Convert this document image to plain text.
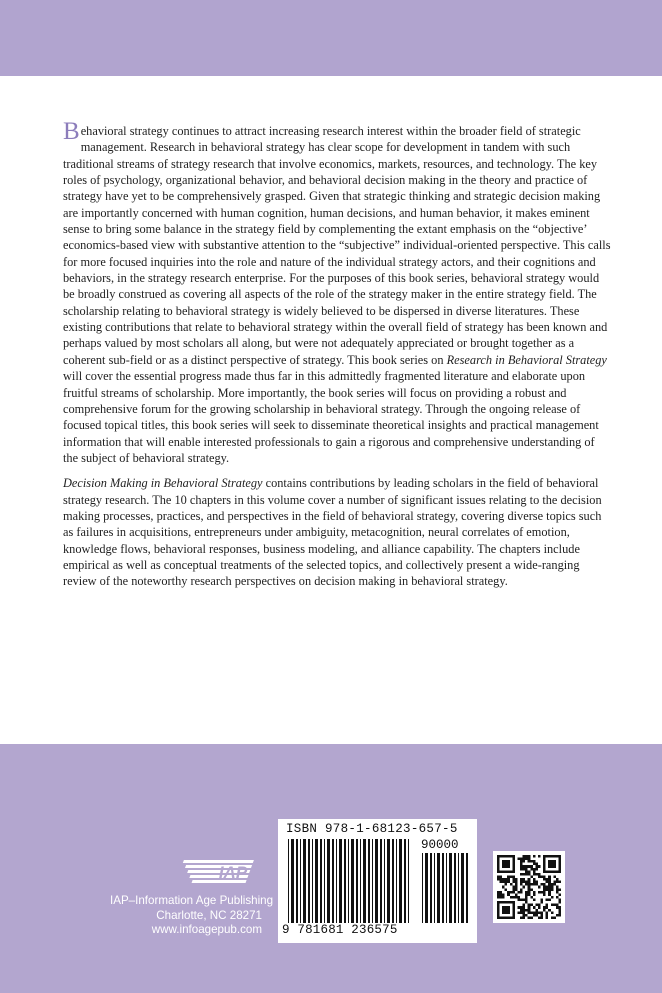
Behavioral strategy continues to attract increasing research interest within the broader field of strategic management. Research in behavioral strategy has clear scope for development in tandem with such traditional streams of strategy research that involve economics, markets, resources, and technology. The key roles of psychology, organizational behavior, and behavioral decision making in the theory and practice of strategy have yet to be comprehensively grasped. Given that strategic thinking and strategic decision making are importantly concerned with human cognition, human decisions, and human behavior, it makes eminent sense to bring some balance in the strategy field by complementing the extant emphasis on the “objective’ economics-based view with substantive attention to the “subjective” individual-oriented perspective. This calls for more focused inquiries into the role and nature of the individual strategy actors, and their cognitions and behaviors, in the strategy research enterprise. For the purposes of this book series, behavioral strategy would be broadly construed as covering all aspects of the role of the strategy maker in the entire strategy field. The scholarship relating to behavioral strategy is widely believed to be dispersed in diverse literatures. These existing contributions that relate to behavioral strategy within the overall field of strategy has been known and perhaps valued by most scholars all along, but were not adequately appreciated or brought together as a coherent sub-field or as a distinct perspective of strategy. This book series on Research in Behavioral Strategy will cover the essential progress made thus far in this admittedly fragmented literature and elaborate upon fruitful streams of scholarship. More importantly, the book series will focus on providing a robust and comprehensive forum for the growing scholarship in behavioral strategy. Through the ongoing release of focused topical titles, this book series will seek to disseminate theoretical insights and practical management information that will enable interested professionals to gain a rigorous and comprehensive understanding of the subject of behavioral strategy.

Decision Making in Behavioral Strategy contains contributions by leading scholars in the field of behavioral strategy research. The 10 chapters in this volume cover a number of significant issues relating to the decision making processes, practices, and perspectives in the field of behavioral strategy, covering diverse topics such as failures in acquisitions, entrepreneurs under ambiguity, metacognition, neural correlates of emotion, knowledge flows, behavioral responses, business modeling, and alliance capability. The chapters include empirical as well as conceptual treatments of the selected topics, and collectively present a wide-ranging review of the noteworthy research perspectives on decision making in behavioral strategy.

IAP
IAP–Information Age Publishing
Charlotte, NC 28271
www.infoagepub.com
ISBN 978-1-68123-657-5
90000
9 781681 236575
